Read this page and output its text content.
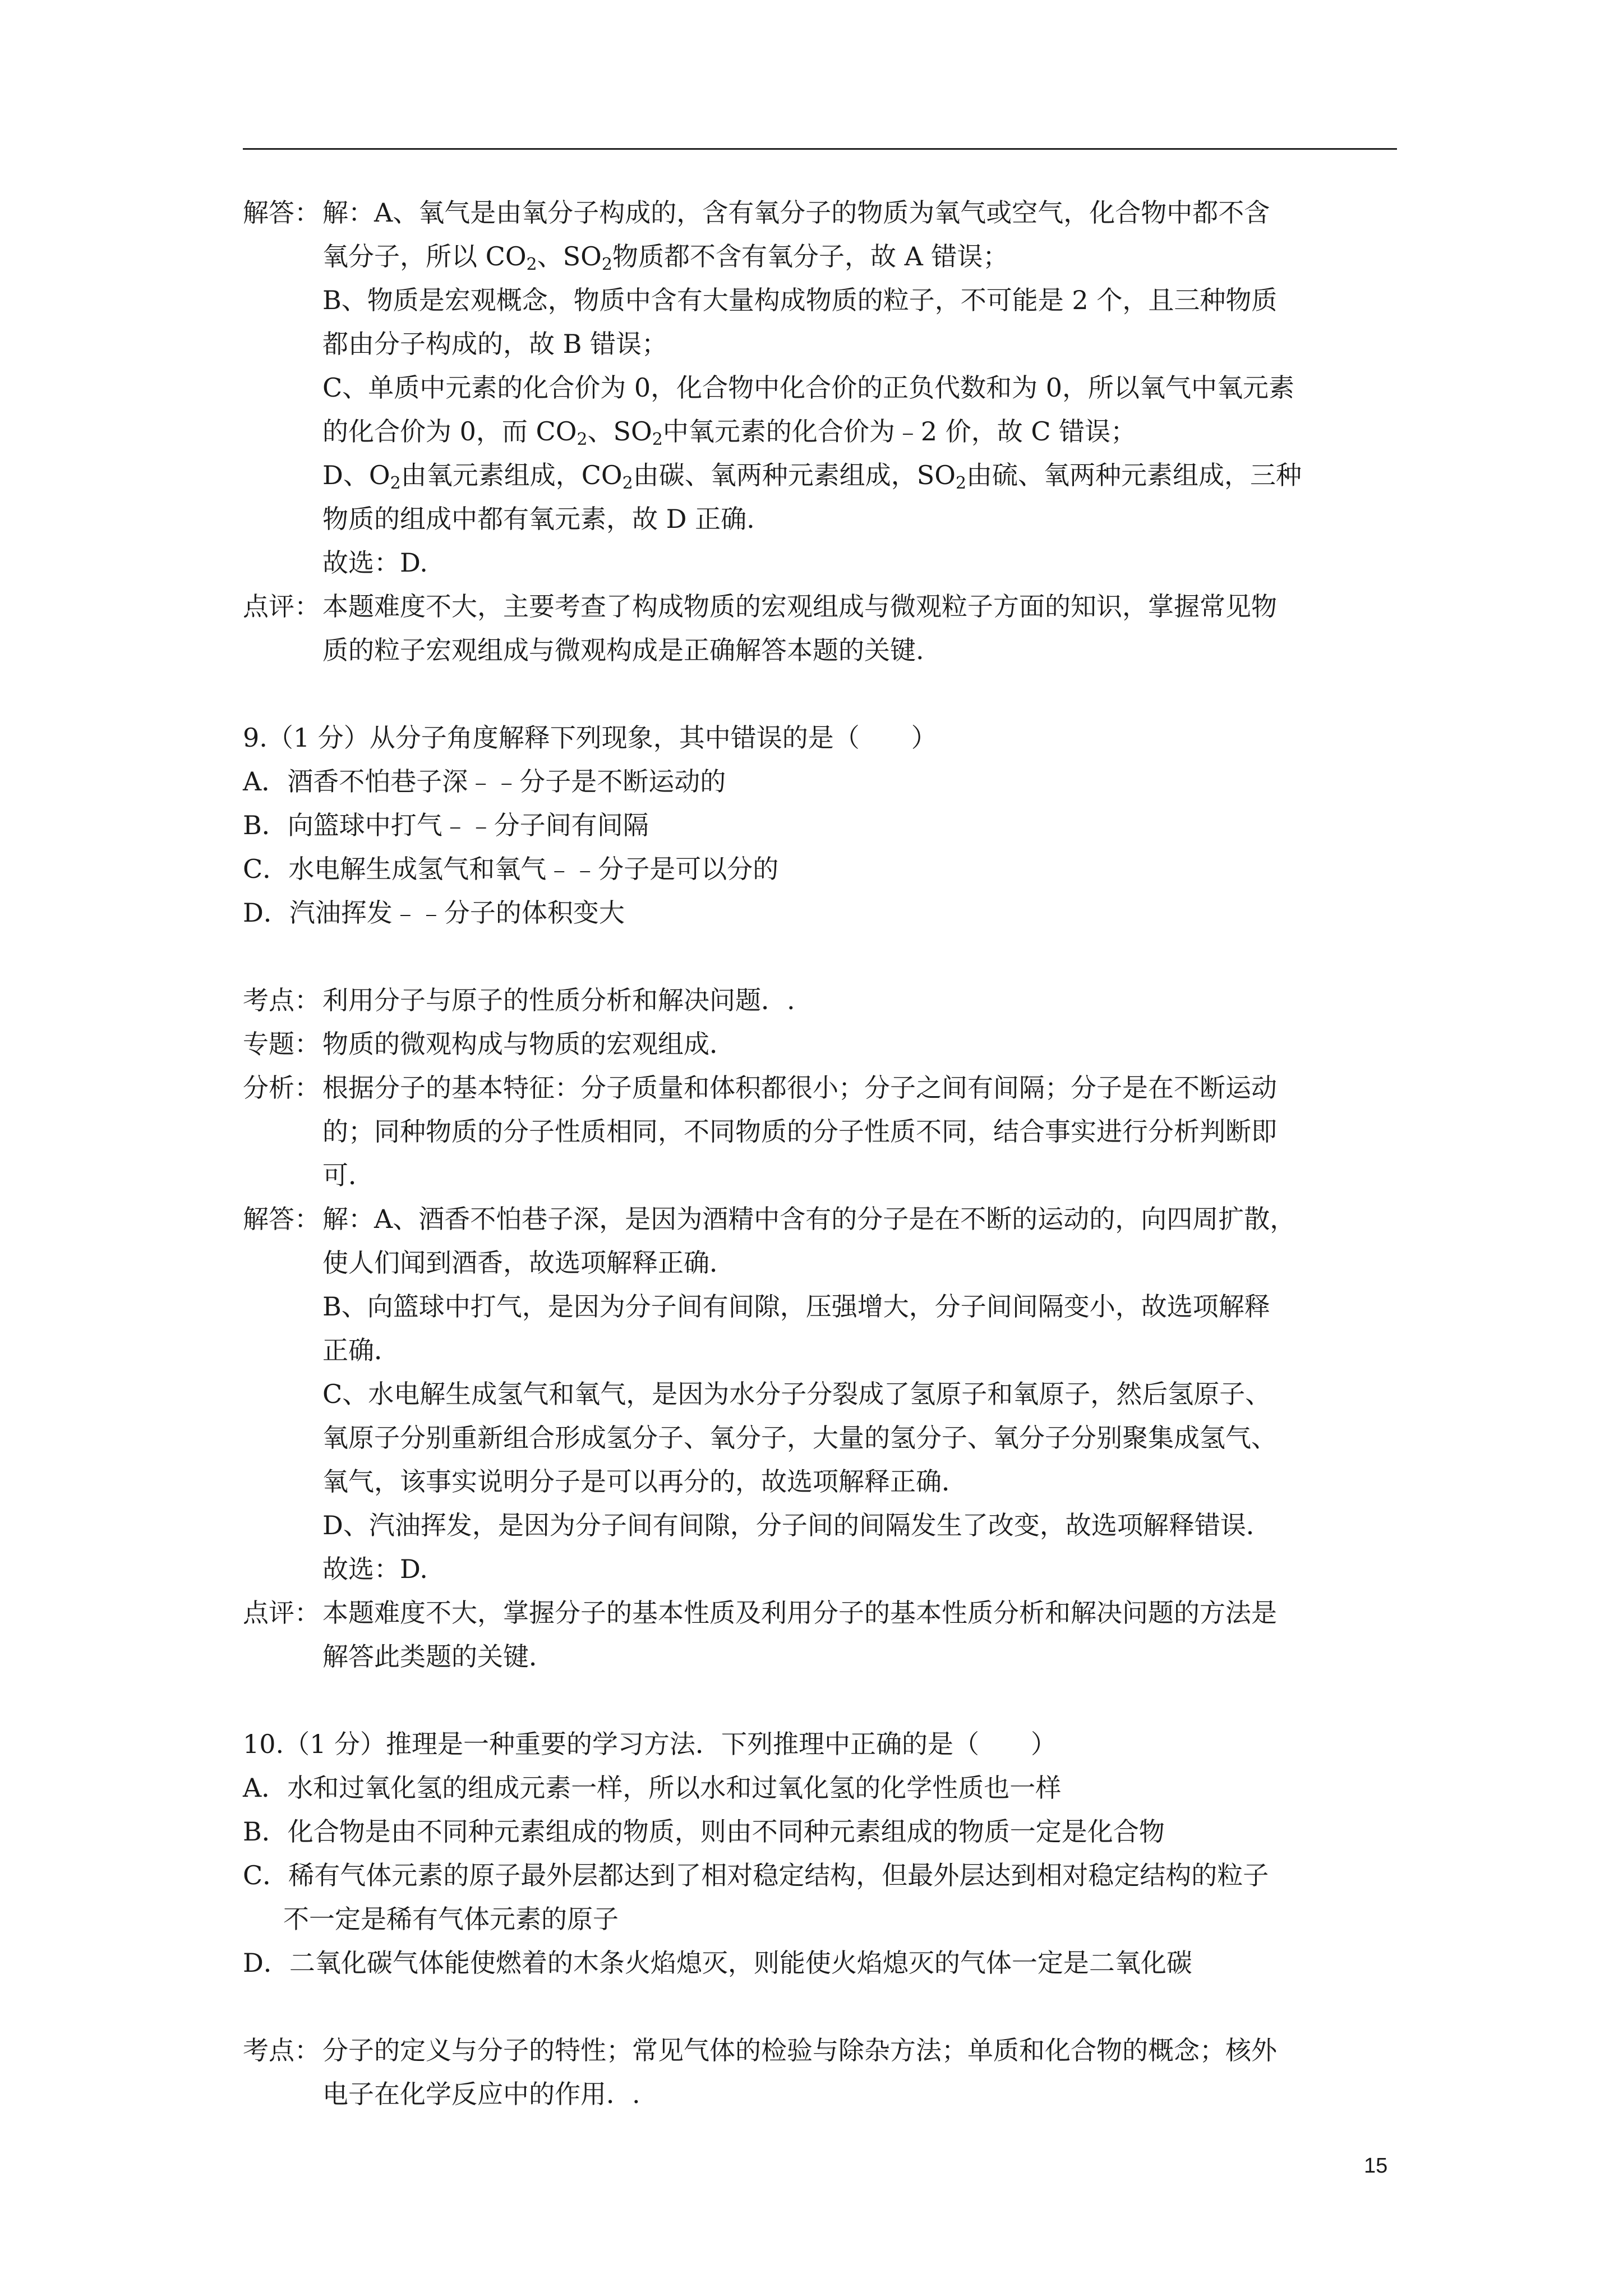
解答：解：A、氧气是由氧分子构成的，含有氧分子的物质为氧气或空气，化合物中都不含
氧分子，所以 $CO_2$、$SO_2$物质都不含有氧分子，故 A 错误；
B、物质是宏观概念，物质中含有大量构成物质的粒子，不可能是 2 个，且三种物质
都由分子构成的，故 B 错误；
C、单质中元素的化合价为 0，化合物中化合价的正负代数和为 0，所以氧气中氧元素
的化合价为 0，而 $CO_2$、$SO_2$中氧元素的化合价为﹣2 价，故 C 错误；
D、$O_2$由氧元素组成，$CO_2$由碳、氧两种元素组成，$SO_2$由硫、氧两种元素组成，三种
物质的组成中都有氧元素，故 D 正确.
故选：D.
点评：本题难度不大，主要考查了构成物质的宏观组成与微观粒子方面的知识，掌握常见物
质的粒子宏观组成与微观构成是正确解答本题的关键.
9.（1 分）从分子角度解释下列现象，其中错误的是（　　）
A．酒香不怕巷子深﹣﹣分子是不断运动的
B．向篮球中打气﹣﹣分子间有间隔
C．水电解生成氢气和氧气﹣﹣分子是可以分的
D．汽油挥发﹣﹣分子的体积变大
考点：利用分子与原子的性质分析和解决问题．.
专题：物质的微观构成与物质的宏观组成．
分析：根据分子的基本特征：分子质量和体积都很小；分子之间有间隔；分子是在不断运动
的；同种物质的分子性质相同，不同物质的分子性质不同，结合事实进行分析判断即
可．
解答：解：A、酒香不怕巷子深，是因为酒精中含有的分子是在不断的运动的，向四周扩散，
使人们闻到酒香，故选项解释正确．
B、向篮球中打气，是因为分子间有间隙，压强增大，分子间间隔变小，故选项解释
正确．
C、水电解生成氢气和氧气，是因为水分子分裂成了氢原子和氧原子，然后氢原子、
氧原子分别重新组合形成氢分子、氧分子，大量的氢分子、氧分子分别聚集成氢气、
氧气，该事实说明分子是可以再分的，故选项解释正确．
D、汽油挥发，是因为分子间有间隙，分子间的间隔发生了改变，故选项解释错误．
故选：D.
点评：本题难度不大，掌握分子的基本性质及利用分子的基本性质分析和解决问题的方法是
解答此类题的关键．
10.（1 分）推理是一种重要的学习方法．下列推理中正确的是（　　）
A．水和过氧化氢的组成元素一样，所以水和过氧化氢的化学性质也一样
B．化合物是由不同种元素组成的物质，则由不同种元素组成的物质一定是化合物
C．稀有气体元素的原子最外层都达到了相对稳定结构，但最外层达到相对稳定结构的粒子
不一定是稀有气体元素的原子
D．二氧化碳气体能使燃着的木条火焰熄灭，则能使火焰熄灭的气体一定是二氧化碳
考点：分子的定义与分子的特性；常见气体的检验与除杂方法；单质和化合物的概念；核外
电子在化学反应中的作用．.
15
